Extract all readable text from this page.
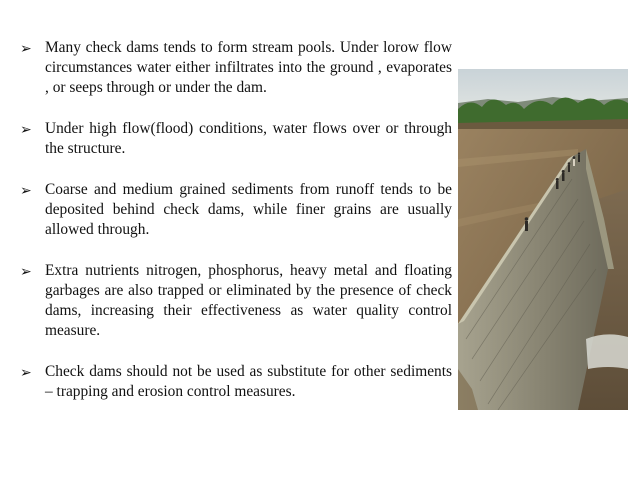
➢ Many check dams tends to form stream pools. Under lorow flow circumstances water either infiltrates into the ground , evaporates , or seeps through or under the dam.
➢ Under high flow(flood) conditions, water flows over or through the structure.
➢ Coarse and medium grained sediments from runoff tends to be deposited behind check dams, while finer grains are usually allowed through.
➢ Extra nutrients nitrogen, phosphorus, heavy metal and floating garbages are also trapped or eliminated by the presence of check dams, increasing their effectiveness as water quality control measure.
➢ Check dams should not be used as substitute for other sediments – trapping and erosion control measures.
